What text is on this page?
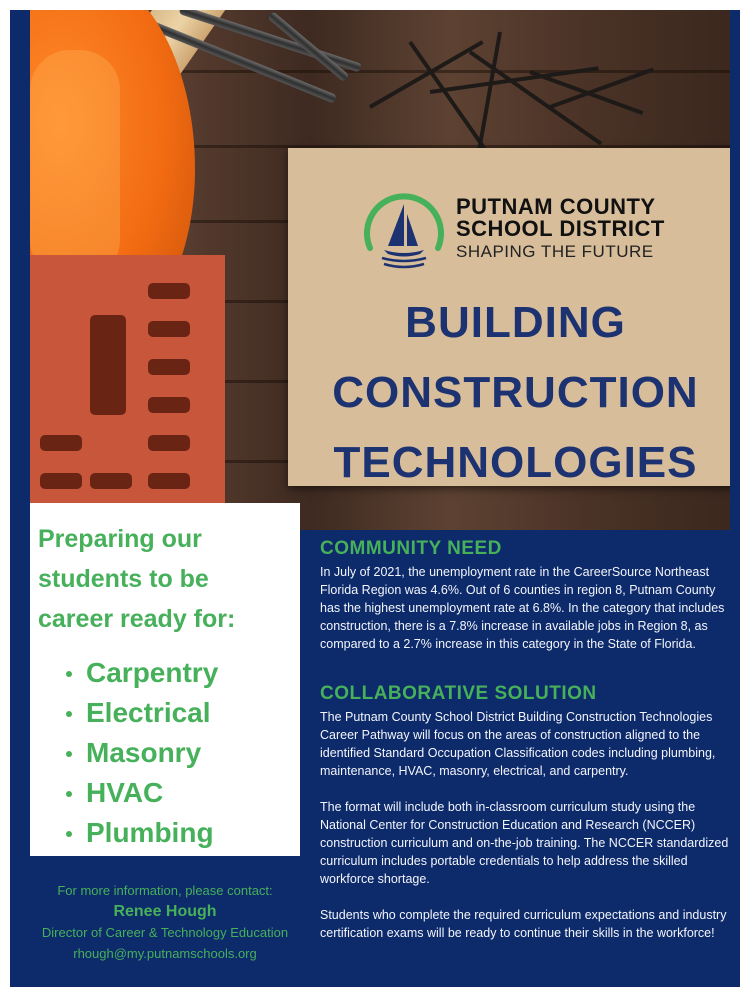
PUTNAM COUNTY
SCHOOL DISTRICT
SHAPING THE FUTURE
BUILDING
CONSTRUCTION
TECHNOLOGIES
Preparing our
students to be
career ready for:
Carpentry
Electrical
Masonry
HVAC
Plumbing
For more information, please contact:
Renee Hough
Director of Career & Technology Education
rhough@my.putnamschools.org
COMMUNITY NEED

In July of 2021, the unemployment rate in the CareerSource Northeast Florida Region was 4.6%. Out of 6 counties in region 8, Putnam County has the highest unemployment rate at 6.8%. In the category that includes construction, there is a 7.8% increase in available jobs in Region 8, as compared to a 2.7% increase in this category in the State of Florida.

COLLABORATIVE SOLUTION

The Putnam County School District Building Construction Technologies Career Pathway will focus on the areas of construction aligned to the identified Standard Occupation Classification codes including plumbing, maintenance, HVAC, masonry, electrical, and carpentry.

The format will include both in-classroom curriculum study using the National Center for Construction Education and Research (NCCER) construction curriculum and on-the-job training. The NCCER standardized curriculum includes portable credentials to help address the skilled workforce shortage.

Students who complete the required curriculum expectations and industry certification exams will be ready to continue their skills in the workforce!
